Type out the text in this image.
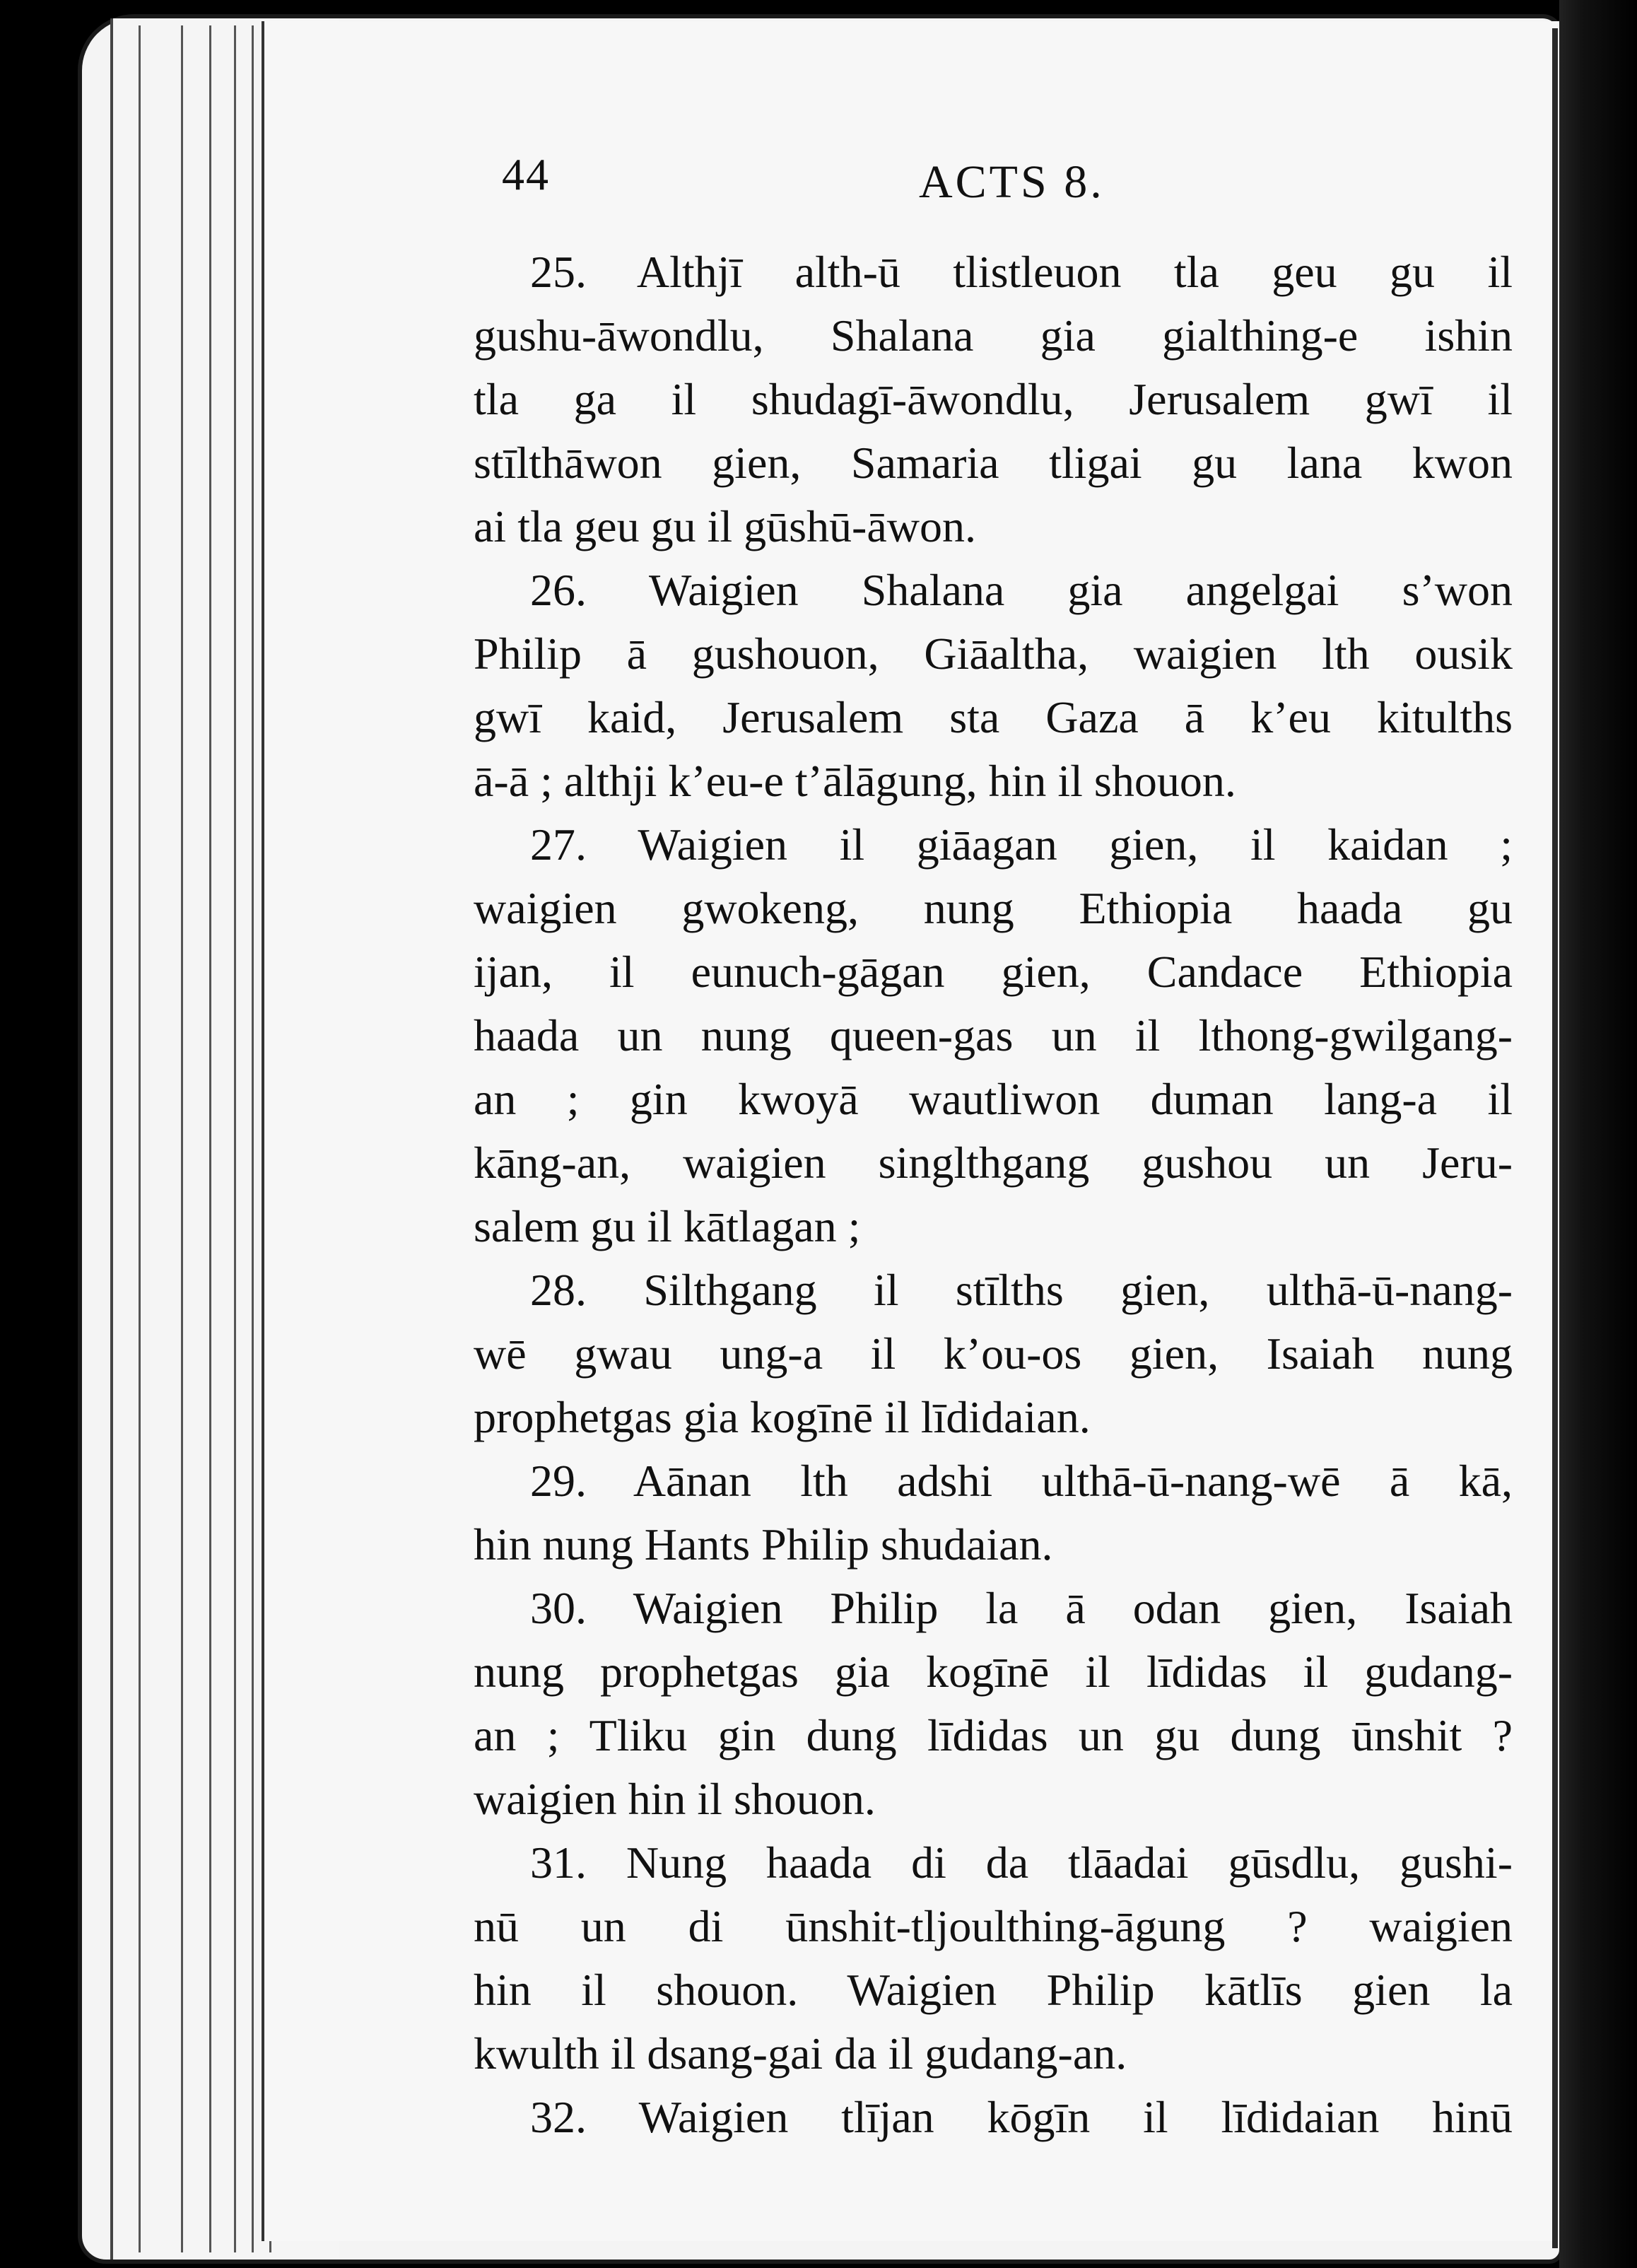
44	ACTS 8.
25. Althjī alth-ū tlistleuon tla geu gu il
gushu-āwondlu, Shalana gia gialthing-e ishin
tla ga il shudagī-āwondlu, Jerusalem gwī il
stīlthāwon gien, Samaria tligai gu lana kwon
ai tla geu gu il gūshū-āwon.
26. Waigien Shalana gia angelgai s’won
Philip ā gushouon, Giāaltha, waigien lth ousik
gwī kaid, Jerusalem sta Gaza ā k’eu kitulths
ā-ā ; althji k’eu-e t’ālāgung, hin il shouon.
27. Waigien il giāagan gien, il kaidan ;
waigien gwokeng, nung Ethiopia haada gu
ijan, il eunuch-gāgan gien, Candace Ethiopia
haada un nung queen-gas un il lthong-gwilgang-
an ; gin kwoyā wautliwon duman lang-a il
kāng-an, waigien singlthgang gushou un Jeru-
salem gu il kātlagan ;
28. Silthgang il stīlths gien, ulthā-ū-nang-
wē gwau ung-a il k’ou-os gien, Isaiah nung
prophetgas gia kogīnē il līdidaian.
29. Aānan lth adshi ulthā-ū-nang-wē ā kā,
hin nung Hants Philip shudaian.
30. Waigien Philip la ā odan gien, Isaiah
nung prophetgas gia kogīnē il līdidas il gudang-
an ; Tliku gin dung līdidas un gu dung ūnshit ?
waigien hin il shouon.
31. Nung haada di da tlāadai gūsdlu, gushi-
nū un di ūnshit-tljoulthing-āgung ? waigien
hin il shouon. Waigien Philip kātlīs gien la
kwulth il dsang-gai da il gudang-an.
32. Waigien tlījan kōgīn il līdidaian hinū
